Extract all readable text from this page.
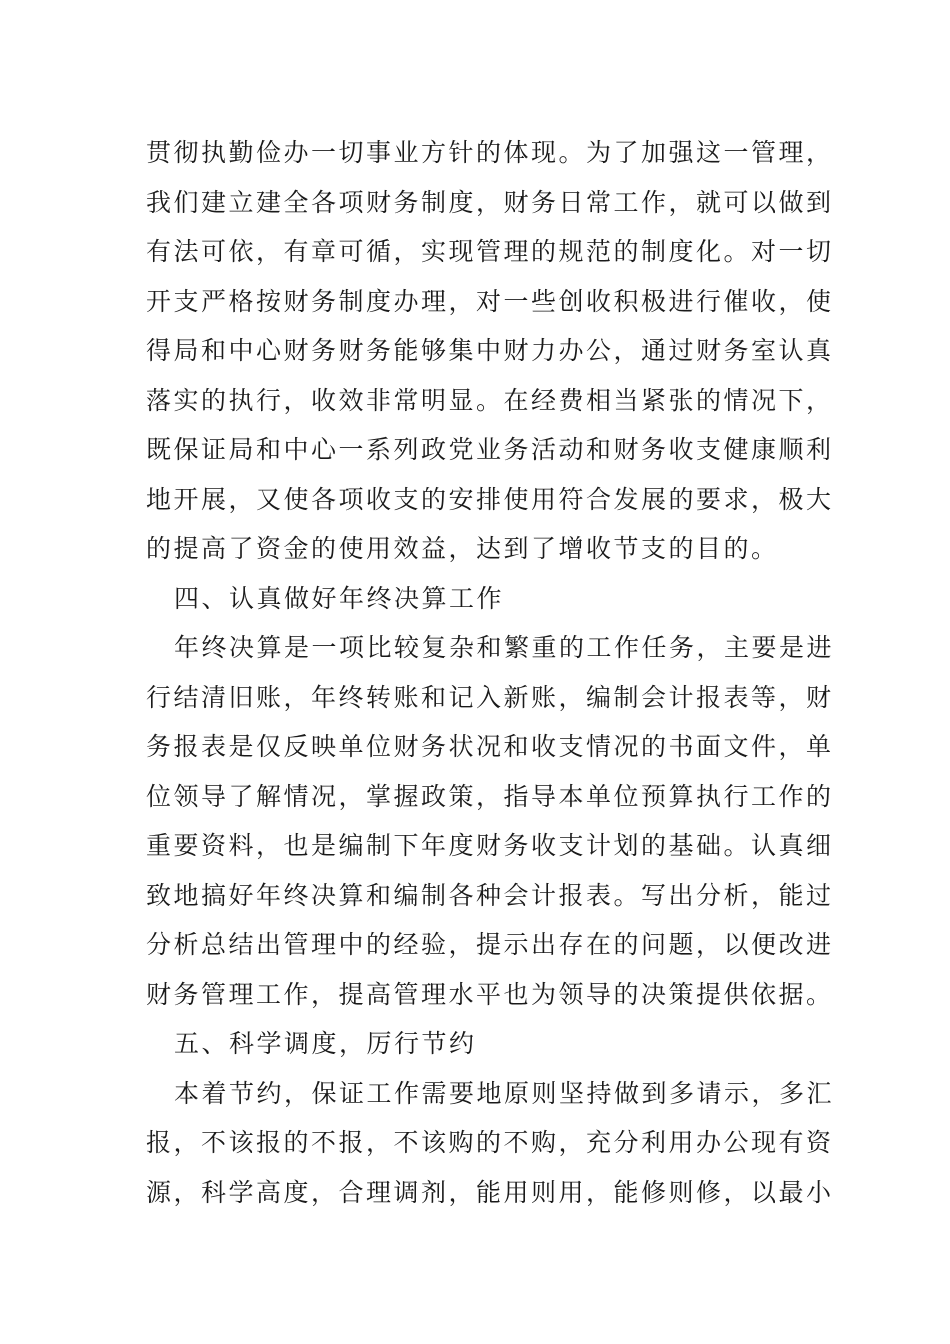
贯彻执勤俭办一切事业方针的体现。为了加强这一管理，
我们建立建全各项财务制度，财务日常工作，就可以做到
有法可依，有章可循，实现管理的规范的制度化。对一切
开支严格按财务制度办理，对一些创收积极进行催收，使
得局和中心财务财务能够集中财力办公，通过财务室认真
落实的执行，收效非常明显。在经费相当紧张的情况下，
既保证局和中心一系列政党业务活动和财务收支健康顺利
地开展，又使各项收支的安排使用符合发展的要求，极大
的提高了资金的使用效益，达到了增收节支的目的。
四、认真做好年终决算工作
年终决算是一项比较复杂和繁重的工作任务，主要是进
行结清旧账，年终转账和记入新账，编制会计报表等，财
务报表是仅反映单位财务状况和收支情况的书面文件，单
位领导了解情况，掌握政策，指导本单位预算执行工作的
重要资料，也是编制下年度财务收支计划的基础。认真细
致地搞好年终决算和编制各种会计报表。写出分析，能过
分析总结出管理中的经验，提示出存在的问题，以便改进
财务管理工作，提高管理水平也为领导的决策提供依据。
五、科学调度，厉行节约
本着节约，保证工作需要地原则坚持做到多请示，多汇
报，不该报的不报，不该购的不购，充分利用办公现有资
源，科学高度，合理调剂，能用则用，能修则修，以最小
